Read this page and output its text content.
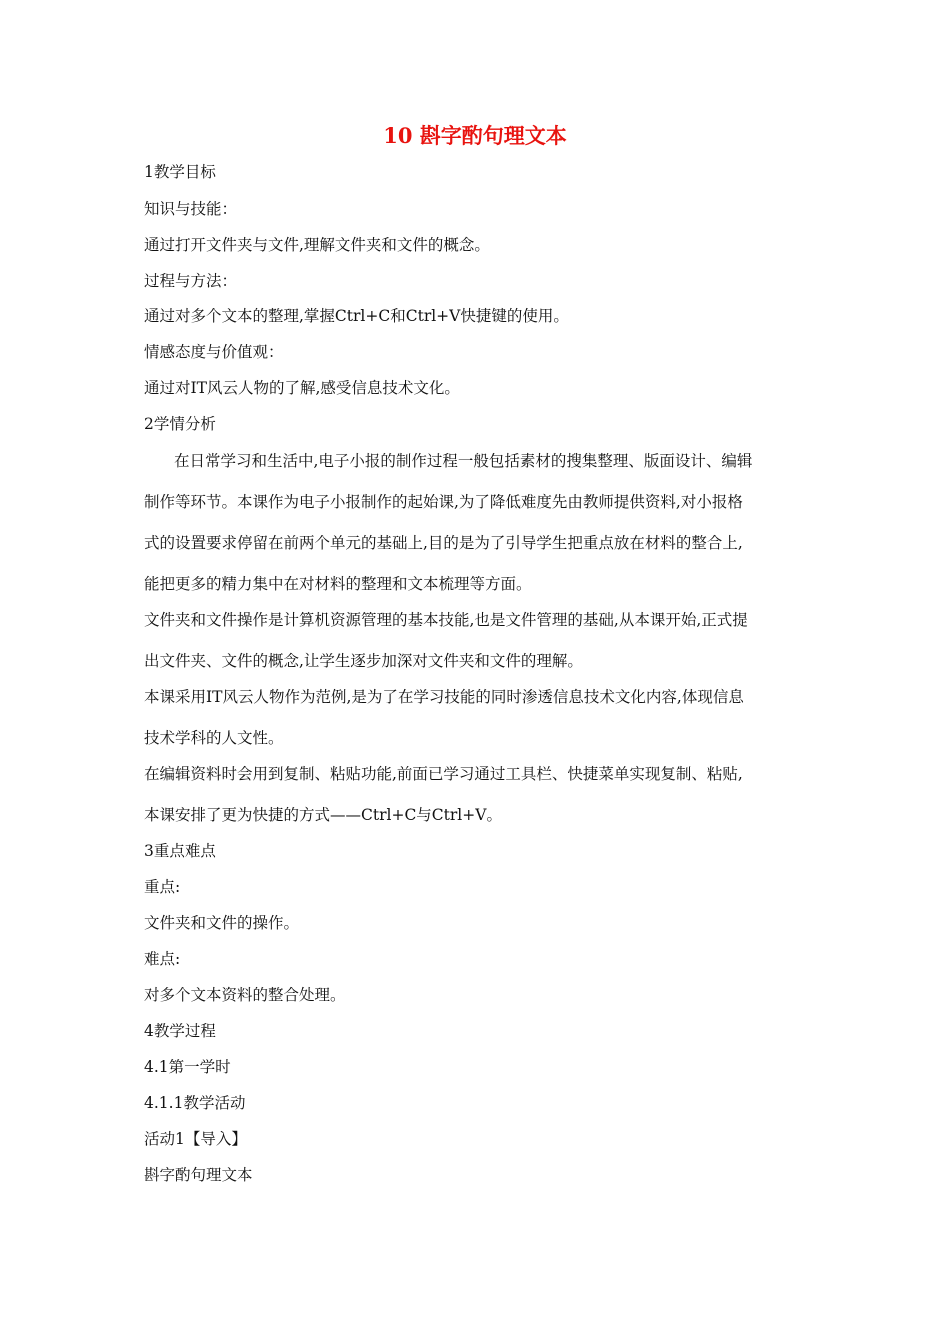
10 斟字酌句理文本
1教学目标
知识与技能：
通过打开文件夹与文件,理解文件夹和文件的概念。
过程与方法：
通过对多个文本的整理,掌握Ctrl+C和Ctrl+V快捷键的使用。
情感态度与价值观：
通过对IT风云人物的了解,感受信息技术文化。
2学情分析
在日常学习和生活中,电子小报的制作过程一般包括素材的搜集整理、版面设计、编辑
制作等环节。本课作为电子小报制作的起始课,为了降低难度先由教师提供资料,对小报格
式的设置要求停留在前两个单元的基础上,目的是为了引导学生把重点放在材料的整合上,
能把更多的精力集中在对材料的整理和文本梳理等方面。
文件夹和文件操作是计算机资源管理的基本技能,也是文件管理的基础,从本课开始,正式提
出文件夹、文件的概念,让学生逐步加深对文件夹和文件的理解。
本课采用IT风云人物作为范例,是为了在学习技能的同时渗透信息技术文化内容,体现信息
技术学科的人文性。
在编辑资料时会用到复制、粘贴功能,前面已学习通过工具栏、快捷菜单实现复制、粘贴,
本课安排了更为快捷的方式——Ctrl+C与Ctrl+V。
3重点难点
重点:
文件夹和文件的操作。
难点:
对多个文本资料的整合处理。
4教学过程
4.1第一学时
4.1.1教学活动
活动1【导入】
斟字酌句理文本
